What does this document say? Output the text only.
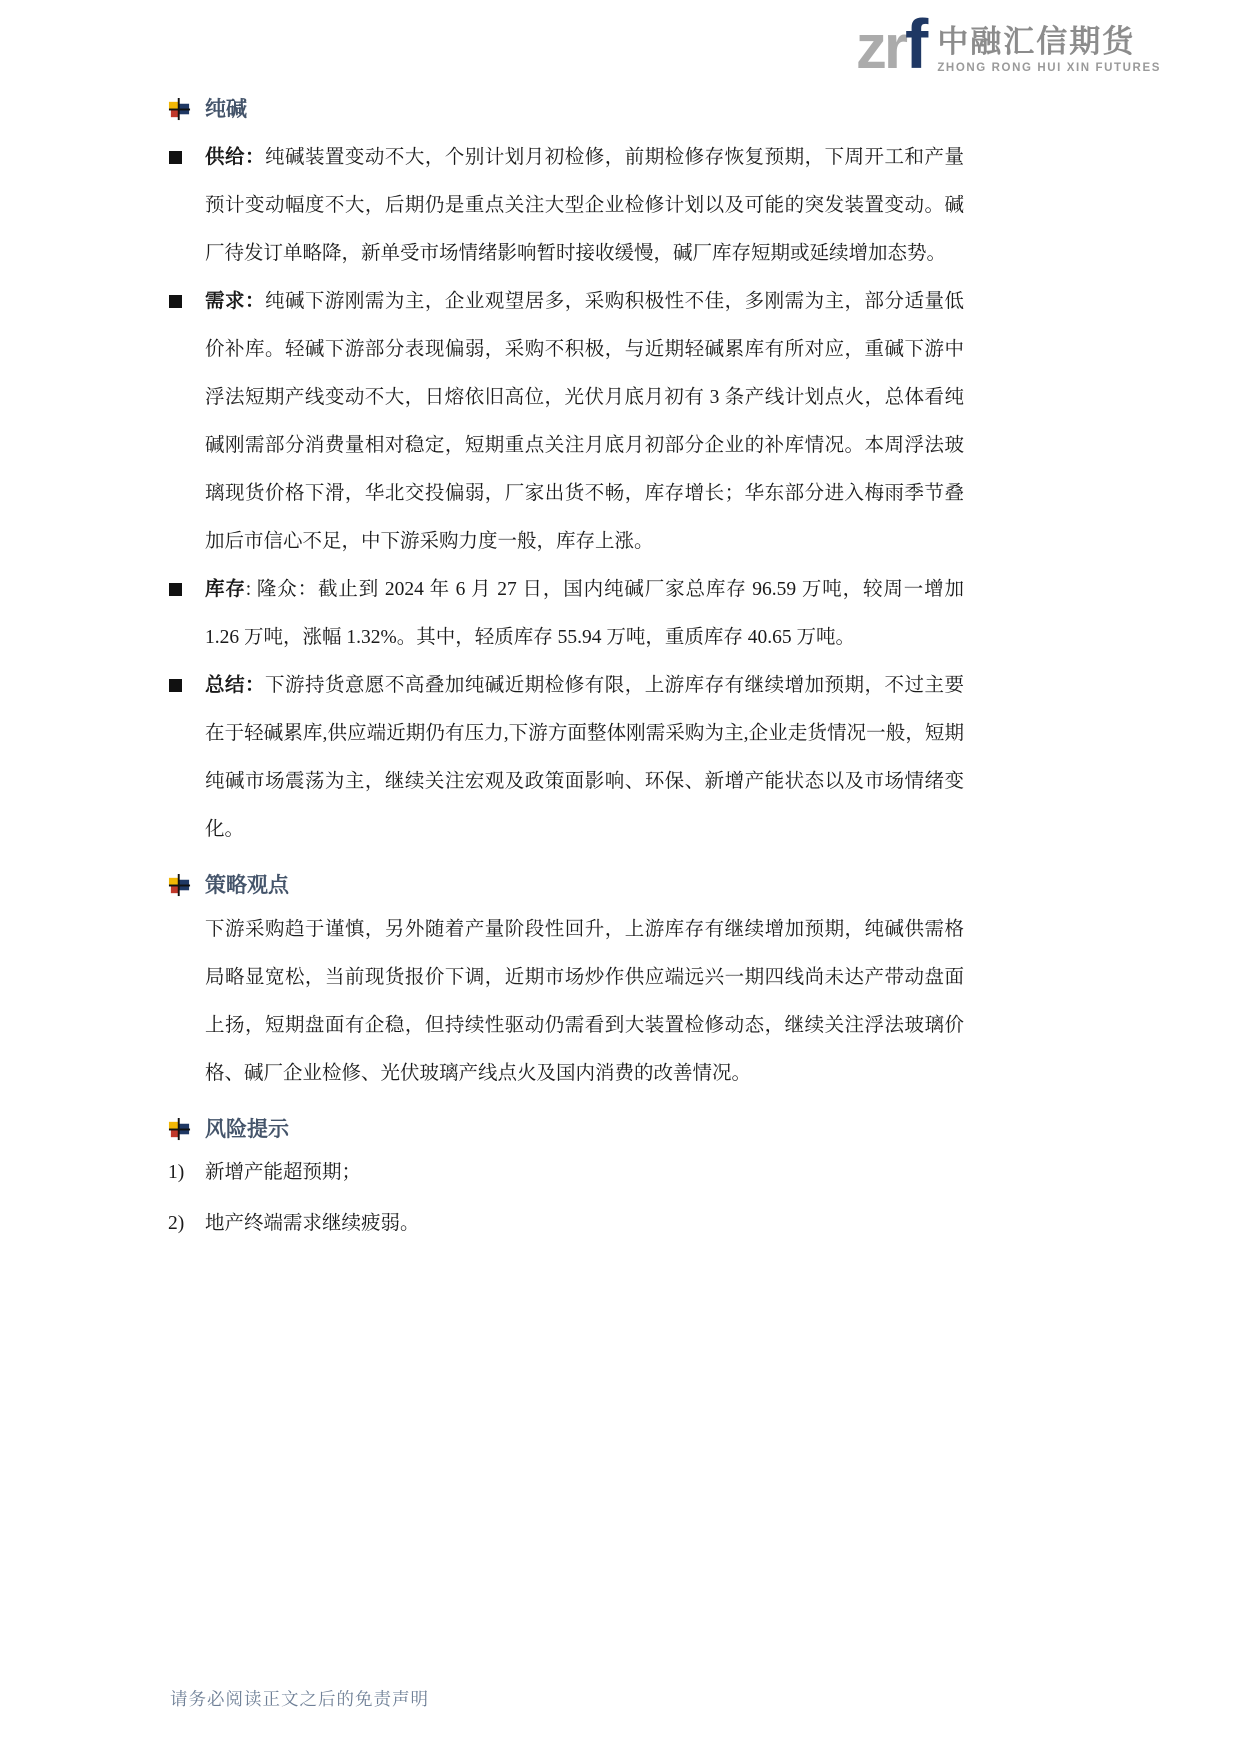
zrf 中融汇信期货
ZHONG RONG HUI XIN FUTURES
纯碱
供给：纯碱装置变动不大，个别计划月初检修，前期检修存恢复预期，下周开工和产量预计变动幅度不大，后期仍是重点关注大型企业检修计划以及可能的突发装置变动。碱厂待发订单略降，新单受市场情绪影响暂时接收缓慢，碱厂库存短期或延续增加态势。
需求：纯碱下游刚需为主，企业观望居多，采购积极性不佳，多刚需为主，部分适量低价补库。轻碱下游部分表现偏弱，采购不积极，与近期轻碱累库有所对应，重碱下游中浮法短期产线变动不大，日熔依旧高位，光伏月底月初有 3 条产线计划点火，总体看纯碱刚需部分消费量相对稳定，短期重点关注月底月初部分企业的补库情况。本周浮法玻璃现货价格下滑，华北交投偏弱，厂家出货不畅，库存增长；华东部分进入梅雨季节叠加后市信心不足，中下游采购力度一般，库存上涨。
库存: 隆众：截止到 2024 年 6 月 27 日，国内纯碱厂家总库存 96.59 万吨，较周一增加 1.26 万吨，涨幅 1.32%。其中，轻质库存 55.94 万吨，重质库存 40.65 万吨。
总结：下游持货意愿不高叠加纯碱近期检修有限，上游库存有继续增加预期，不过主要在于轻碱累库,供应端近期仍有压力,下游方面整体刚需采购为主,企业走货情况一般，短期纯碱市场震荡为主，继续关注宏观及政策面影响、环保、新增产能状态以及市场情绪变化。
策略观点
下游采购趋于谨慎，另外随着产量阶段性回升，上游库存有继续增加预期，纯碱供需格局略显宽松，当前现货报价下调，近期市场炒作供应端远兴一期四线尚未达产带动盘面上扬，短期盘面有企稳，但持续性驱动仍需看到大装置检修动态，继续关注浮法玻璃价格、碱厂企业检修、光伏玻璃产线点火及国内消费的改善情况。
风险提示
1)	新增产能超预期；
2)	地产终端需求继续疲弱。
请务必阅读正文之后的免责声明
